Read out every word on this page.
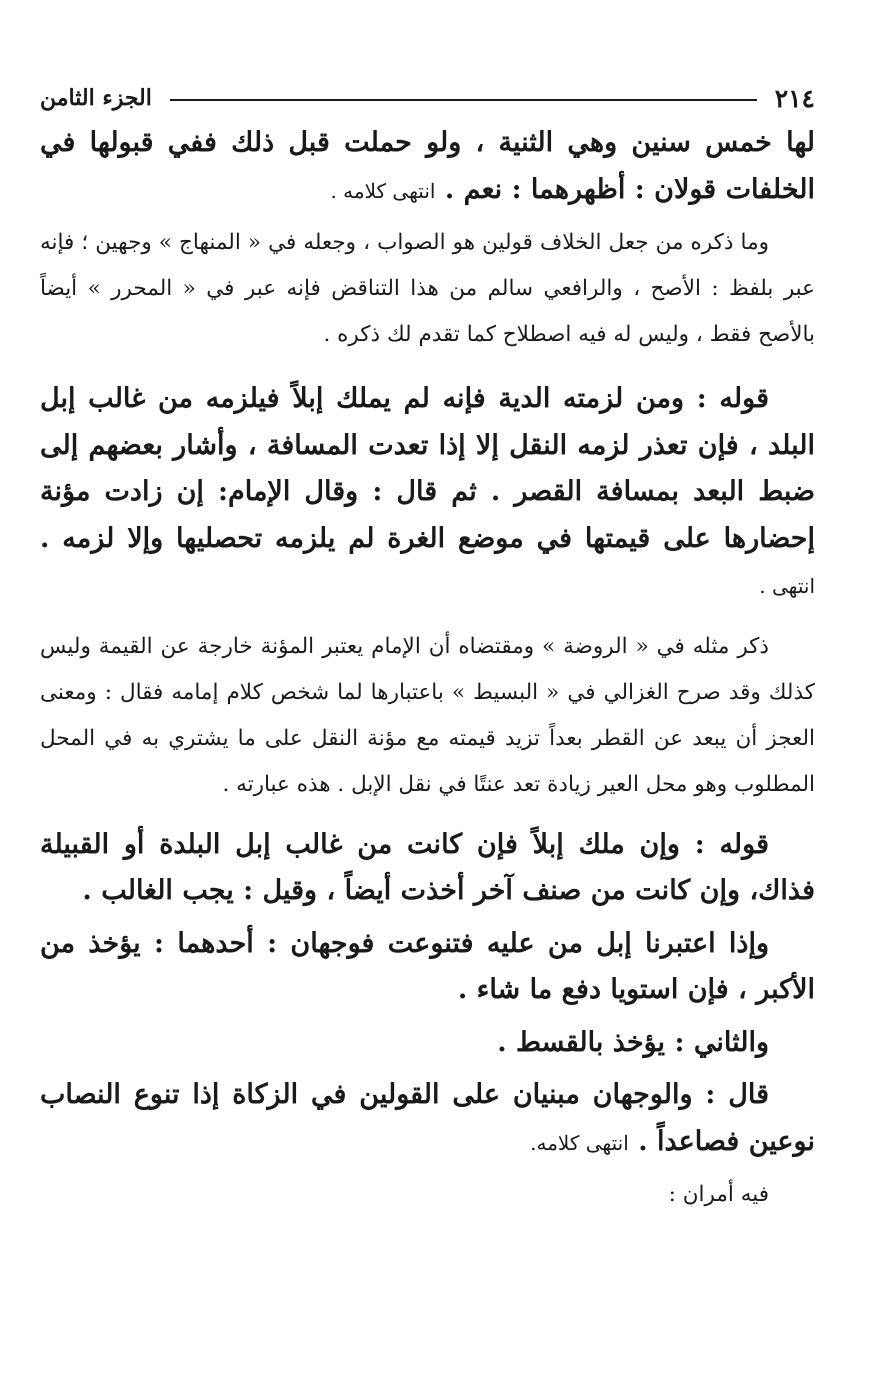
٢١٤
الجزء الثامن

لها خمس سنين وهي الثنية ، ولو حملت قبل ذلك ففي قبولها في الخلفات قولان : أظهرهما : نعم . انتهى كلامه .

وما ذكره من جعل الخلاف قولين هو الصواب ، وجعله في « المنهاج » وجهين ؛ فإنه عبر بلفظ : الأصح ، والرافعي سالم من هذا التناقض فإنه عبر في « المحرر » أيضاً بالأصح فقط ، وليس له فيه اصطلاح كما تقدم لك ذكره .

قوله : ومن لزمته الدية فإنه لم يملك إبلاً فيلزمه من غالب إبل البلد ، فإن تعذر لزمه النقل إلا إذا تعدت المسافة ، وأشار بعضهم إلى ضبط البعد بمسافة القصر . ثم قال : وقال الإمام: إن زادت مؤنة إحضارها على قيمتها في موضع الغرة لم يلزمه تحصليها وإلا لزمه . انتهى .

ذكر مثله في « الروضة » ومقتضاه أن الإمام يعتبر المؤنة خارجة عن القيمة وليس كذلك وقد صرح الغزالي في « البسيط » باعتبارها لما شخص كلام إمامه فقال : ومعنى العجز أن يبعد عن القطر بعداً تزيد قيمته مع مؤنة النقل على ما يشتري به في المحل المطلوب وهو محل العير زيادة تعد عنتًا في نقل الإبل . هذه عبارته .

قوله : وإن ملك إبلاً فإن كانت من غالب إبل البلدة أو القبيلة فذاك، وإن كانت من صنف آخر أخذت أيضاً ، وقيل : يجب الغالب .

وإذا اعتبرنا إبل من عليه فتنوعت فوجهان : أحدهما : يؤخذ من الأكبر ، فإن استويا دفع ما شاء .

والثاني : يؤخذ بالقسط .

قال : والوجهان مبنيان على القولين في الزكاة إذا تنوع النصاب نوعين فصاعداً . انتهى كلامه.

فيه أمران :
